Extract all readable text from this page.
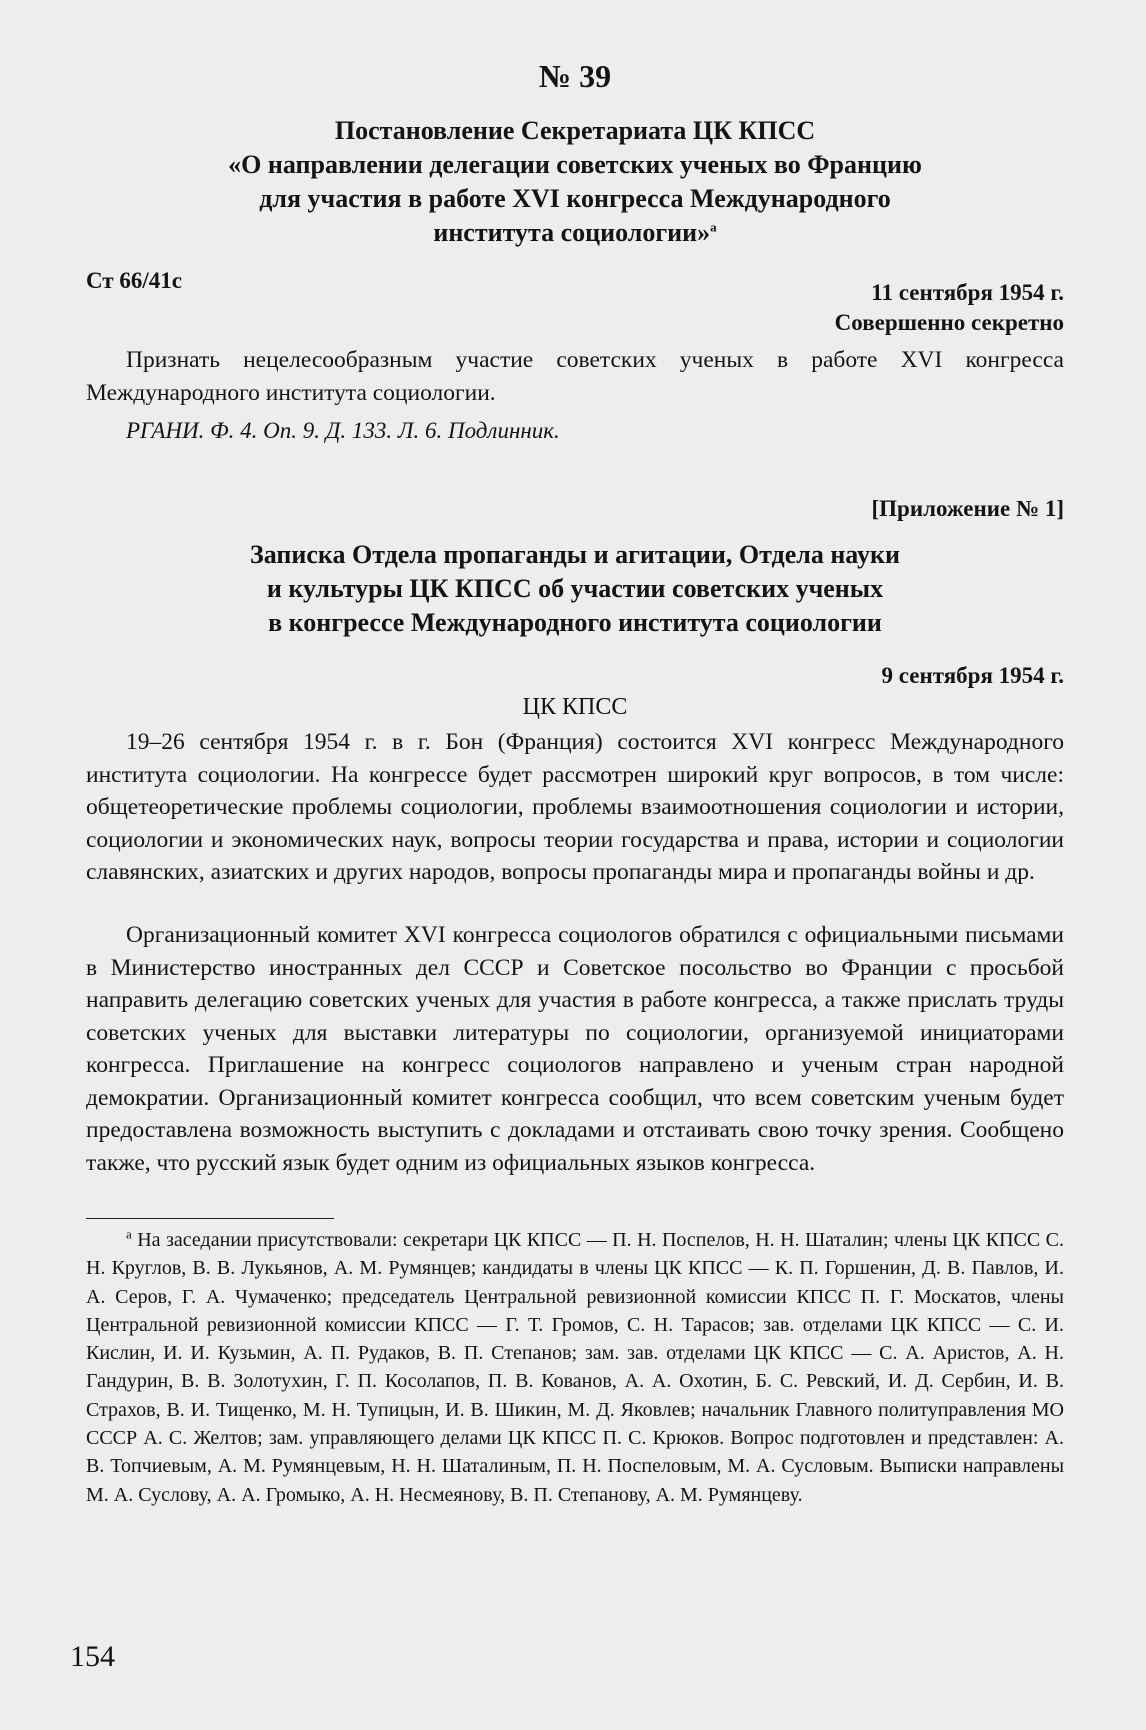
№ 39
Постановление Секретариата ЦК КПСС
«О направлении делегации советских ученых во Францию
для участия в работе XVI конгресса Международного
института социологии»$^а$
Ст 66/41с	11 сентября 1954 г.
Совершенно секретно

Признать нецелесообразным участие советских ученых в работе XVI конгресса Международного института социологии.

РГАНИ. Ф. 4. Оп. 9. Д. 133. Л. 6. Подлинник.
[Приложение № 1]
Записка Отдела пропаганды и агитации, Отдела науки
и культуры ЦК КПСС об участии советских ученых
в конгрессе Международного института социологии
9 сентября 1954 г.
ЦК КПСС

19–26 сентября 1954 г. в г. Бон (Франция) состоится XVI конгресс Международного института социологии. На конгрессе будет рассмотрен широкий круг вопросов, в том числе: общетеоретические проблемы социологии, проблемы взаимоотношения социологии и истории, социологии и экономических наук, вопросы теории государства и права, истории и социологии славянских, азиатских и других народов, вопросы пропаганды мира и пропаганды войны и др.

Организационный комитет XVI конгресса социологов обратился с официальными письмами в Министерство иностранных дел СССР и Советское посольство во Франции с просьбой направить делегацию советских ученых для участия в работе конгресса, а также прислать труды советских ученых для выставки литературы по социологии, организуемой инициаторами конгресса. Приглашение на конгресс социологов направлено и ученым стран народной демократии. Организационный комитет конгресса сообщил, что всем советским ученым будет предоставлена возможность выступить с докладами и отстаивать свою точку зрения. Сообщено также, что русский язык будет одним из официальных языков конгресса.

$^а$ На заседании присутствовали: секретари ЦК КПСС — П. Н. Поспелов, Н. Н. Шаталин; члены ЦК КПСС С. Н. Круглов, В. В. Лукьянов, А. М. Румянцев; кандидаты в члены ЦК КПСС — К. П. Горшенин, Д. В. Павлов, И. А. Серов, Г. А. Чумаченко; председатель Центральной ревизионной комиссии КПСС П. Г. Москатов, члены Центральной ревизионной комиссии КПСС — Г. Т. Громов, С. Н. Тарасов; зав. отделами ЦК КПСС — С. И. Кислин, И. И. Кузьмин, А. П. Рудаков, В. П. Степанов; зам. зав. отделами ЦК КПСС — С. А. Аристов, А. Н. Гандурин, В. В. Золотухин, Г. П. Косолапов, П. В. Кованов, А. А. Охотин, Б. С. Ревский, И. Д. Сербин, И. В. Страхов, В. И. Тищенко, М. Н. Тупицын, И. В. Шикин, М. Д. Яковлев; начальник Главного политуправления МО СССР А. С. Желтов; зам. управляющего делами ЦК КПСС П. С. Крюков. Вопрос подготовлен и представлен: А. В. Топчиевым, А. М. Румянцевым, Н. Н. Шаталиным, П. Н. Поспеловым, М. А. Сусловым. Выписки направлены М. А. Суслову, А. А. Громыко, А. Н. Несмеянову, В. П. Степанову, А. М. Румянцеву.

154
